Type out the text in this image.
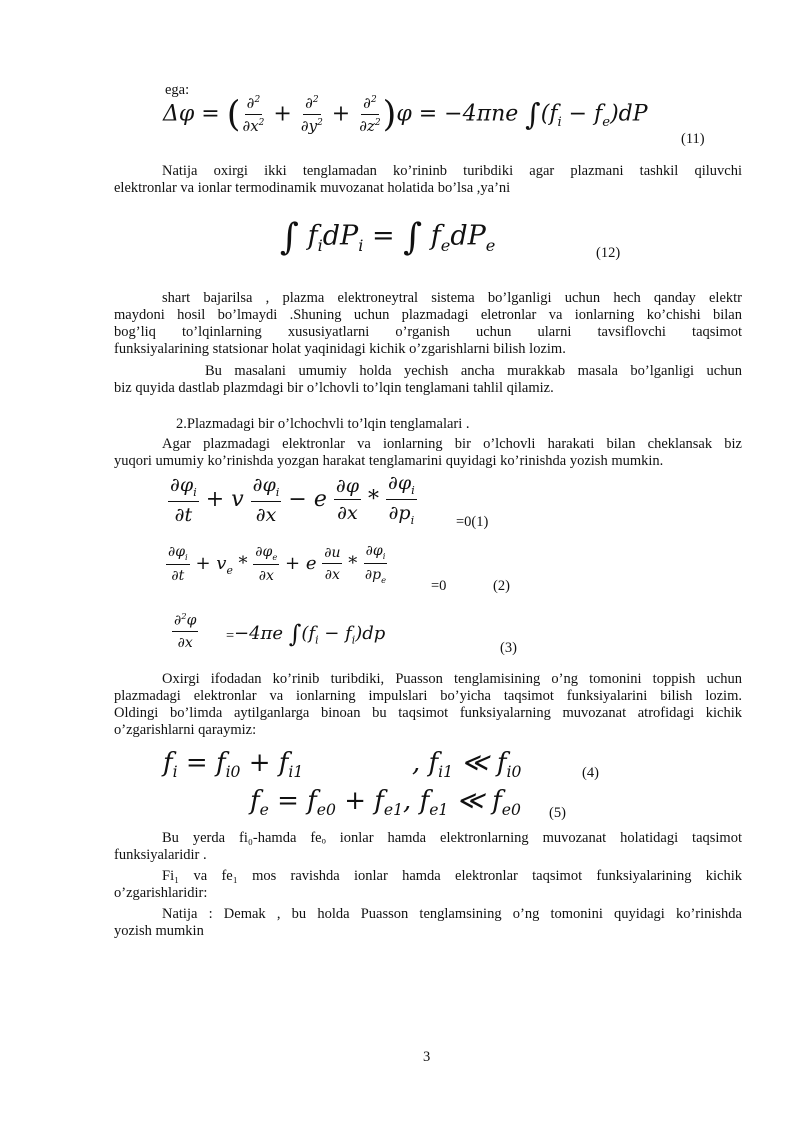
ega:
Δφ = ( $\frac{\partial^2}{\partial x^2} + \frac{\partial^2}{\partial y^2} + \frac{\partial^2}{\partial z^2} )\varphi = -4\pi ne$ $\int(f_i - f_e)dP$
(11)
Natija oxirgi ikki tenglamadan ko’rininb turibdiki agar plazmani tashkil qiluvchi
elektronlar va ionlar termodinamik muvozanat holatida bo’lsa ,ya’ni
∫ $f_idP_i$ = ∫ $f_edP_e$	(12)
shart bajarilsa , plazma elektroneytral sistema bo’lganligi uchun hech qanday elektr
maydoni hosil bo’lmaydi .Shuning uchun plazmadagi eletronlar va ionlarning ko’chishi bilan
bog’liq to’lqinlarning xususiyatlarni o’rganish uchun ularni tavsiflovchi taqsimot
funksiyalarining statsionar holat yaqinidagi kichik o’zgarishlarni bilish lozim.
Bu masalani umumiy holda yechish ancha murakkab masala bo’lganligi uchun
biz quyida dastlab plazmdagi bir o’lchovli to’lqin tenglamani tahlil qilamiz.
2.Plazmadagi bir o’lchochvli to’lqin tenglamalari .
Agar plazmadagi elektronlar va ionlarning bir o’lchovli harakati bilan cheklansak biz
yuqori umumiy ko’rinishda yozgan harakat tenglamarini quyidagi ko’rinishda yozish mumkin.
$\frac{\partial\varphi_i}{\partial t} + v \frac{\partial\varphi_i}{\partial x} - e \frac{\partial\varphi}{\partial x} * \frac{\partial\varphi_i}{\partial p_i}$	=0(1)
$\frac{\partial\varphi_i}{\partial t} + v_e * \frac{\partial\varphi_e}{\partial x} + e \frac{\partial u}{\partial x} * \frac{\partial\varphi_i}{\partial p_e}$
=0	(2)
$\frac{\partial^2\varphi}{\partial x} = -4\pi e$ $\int(f_i - f_i)dp$
(3)
Oxirgi ifodadan ko’rinib turibdiki, Puasson tenglamisining o’ng tomonini toppish uchun
plazmadagi elektronlar va ionlarning impulslari bo’yicha taqsimot funksiyalarini bilish lozim.
Oldingi bo’limda aytilganlarga binoan bu taqsimot funksiyalarning muvozanat atrofidagi kichik
o’zgarishlarni qaraymiz:
$f_i = f_{i0} + f_{i1}$	, $f_{i1}$ ≪ $f_{i0}$	(4)
$f_e = f_{e0} + f_{e1}$, $f_{e1}$ ≪ $f_{e0}$ (5)
Bu yerda fi₀-hamda feₒ ionlar hamda elektronlarning muvozanat holatidagi taqsimot
funksiyalaridir .
Fi₁ va fe₁ mos ravishda ionlar hamda elektronlar taqsimot funksiyalarining kichik
o’zgarishlaridir:
Natija : Demak , bu holda Puasson tenglamsining o’ng tomonini quyidagi ko’rinishda
yozish mumkin
3
